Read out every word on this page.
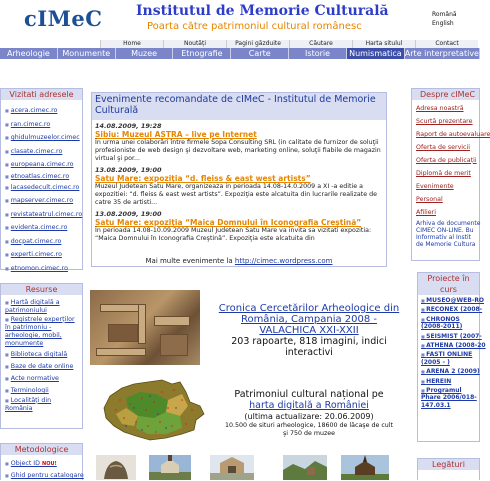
cIMeC Institutul de Memorie Culturală
Poarta către patrimoniul cultural românesc
Română
English
Home	Noutăți	Pagini găzduite	Căutare	Harta situlul	Contact
Arheologie	Monumente	Muzee	Etnografie	Carte	Istorie	Numismatica Arte interpretative
Vizitati adresele
■ acera.cimec.ro
■ ran.cimec.ro
■ ghidulmuzeelor.cimec
■ clasate.cimec.ro
■ europeana.cimec.ro
■ etnoatlas.cimec.ro
■ lacasedecult.cimec.ro
■ mapserver.cimec.ro
■ revistateatrul.cimec.ro
■ evidenta.cimec.ro
■ docpat.cimec.ro
■ experti.cimec.ro
■ etnomon.cimec.ro
Resurse
■ Hartă digitală a patrimoniului
■ Registrele experților în patrimoniu - arheologie, mobil, monumente
■ Biblioteca digitală
■ Baze de date online
■ Acte normative
■ Terminologii
■ Localități din România
Metodologice
■ Object ID NOU!
■ Ghid pentru catalogare
Evenimente recomandate de cIMeC - Institutul de Memorie Culturală
14.08.2009, 19:28
Sibiu: Muzeul ASTRA – live pe Internet
În urma unei colaborări între firmele Sopa Consulting SRL (in calitate de furnizor de soluţii profesioniste de web design şi dezvoltare web, marketing online, soluţii fiabile de magazin virtual şi por...
13.08.2009, 19:00
Satu Mare: expoziţia “d. fleiss & east west artists”
Muzeul Judetean Satu Mare, organizeaza in perioada 14.08-14.0.2009 a XI -a editie a expozitiei: “d. fleiss & east west artists”. Expoziţia este alcatuita din lucrarile realizate de catre 35 de artisti...
13.08.2009, 19:00
Satu Mare: expoziţia “Maica Domnului în Iconografia Creştină”
În perioada 14.08-10.09.2009 Muzeul Judetean Satu Mare va invita sa vizitati expozitia: “Maica Domnului în Iconografia Creştină”. Expoziţia este alcatuita din
Mai multe evenimente la http://cimec.wordpress.com
Cronica Cercetărilor Arheologice din România, Campania 2008 - VALACHICA XXI-XXII
203 rapoarte, 818 imagini, indici interactivi
Patrimoniul cultural național pe
harta digitală a României
(ultima actualizare: 20.06.2009)
10.500 de situri arheologice, 18600 de lăcaşe de cult şi 750 de muzee
Despre cIMeC
Adresa noastră
Scurtă prezentare
Raport de autoevaluare
Oferta de servicii
Oferta de publicații
Diplomă de merit
Evenimente
Personal
Afilieri
Arhiva de documente
CIMEC ON-LINE. Bu
Informativ al Instit
de Memorie Cultura
Proiecte în curs
■ MUSEO@WEB-RO
■ RECONEX (2008-
■ CHRONOS (2008-2011)
■ SEISMIST (2007-
■ ATHENA (2008-20
■ FASTI ONLINE (2005 - )
■ ARENA 2 (2009)
■ HEREIN
■ Programul Phare 2006/018-147.03.1
Legături
